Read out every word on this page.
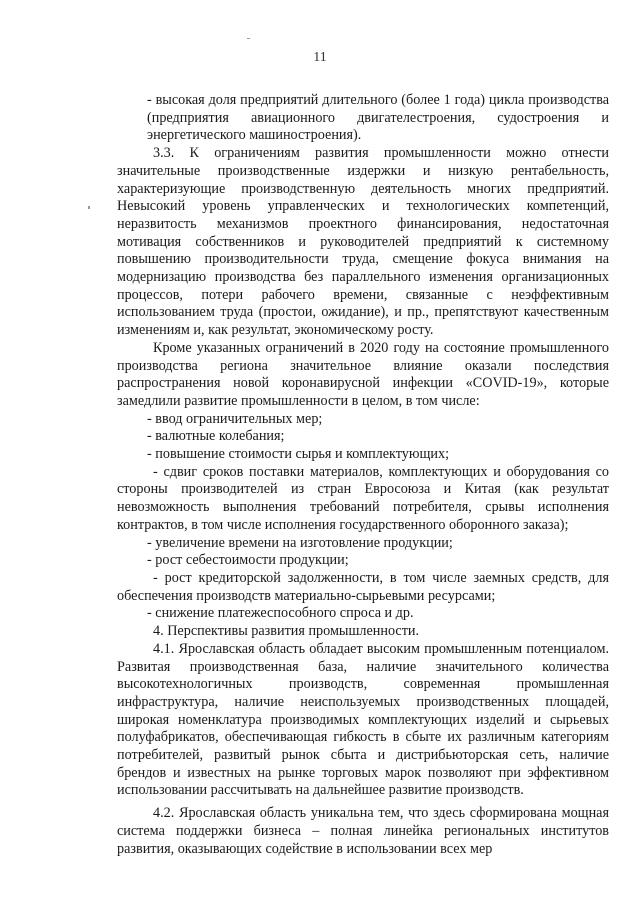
11

- высокая доля предприятий длительного (более 1 года) цикла производства (предприятия авиационного двигателестроения, судостроения и энергетического машиностроения).

3.3. К ограничениям развития промышленности можно отнести значительные производственные издержки и низкую рентабельность, характеризующие производственную деятельность многих предприятий. Невысокий уровень управленческих и технологических компетенций, неразвитость механизмов проектного финансирования, недостаточная мотивация собственников и руководителей предприятий к системному повышению производительности труда, смещение фокуса внимания на модернизацию производства без параллельного изменения организационных процессов, потери рабочего времени, связанные с неэффективным использованием труда (простои, ожидание), и пр., препятствуют качественным изменениям и, как результат, экономическому росту.

Кроме указанных ограничений в 2020 году на состояние промышленного производства региона значительное влияние оказали последствия распространения новой коронавирусной инфекции «COVID-19», которые замедлили развитие промышленности в целом, в том числе:

- ввод ограничительных мер;

- валютные колебания;

- повышение стоимости сырья и комплектующих;

- сдвиг сроков поставки материалов, комплектующих и оборудования со стороны производителей из стран Евросоюза и Китая (как результат невозможность выполнения требований потребителя, срывы исполнения контрактов, в том числе исполнения государственного оборонного заказа);

- увеличение времени на изготовление продукции;

- рост себестоимости продукции;

- рост кредиторской задолженности, в том числе заемных средств, для обеспечения производств материально-сырьевыми ресурсами;

- снижение платежеспособного спроса и др.

4. Перспективы развития промышленности.

4.1. Ярославская область обладает высоким промышленным потенциалом. Развитая производственная база, наличие значительного количества высокотехнологичных производств, современная промышленная инфраструктура, наличие неиспользуемых производственных площадей, широкая номенклатура производимых комплектующих изделий и сырьевых полуфабрикатов, обеспечивающая гибкость в сбыте их различным категориям потребителей, развитый рынок сбыта и дистрибьюторская сеть, наличие брендов и известных на рынке торговых марок позволяют при эффективном использовании рассчитывать на дальнейшее развитие производств.

4.2. Ярославская область уникальна тем, что здесь сформирована мощная система поддержки бизнеса – полная линейка региональных институтов развития, оказывающих содействие в использовании всех мер
